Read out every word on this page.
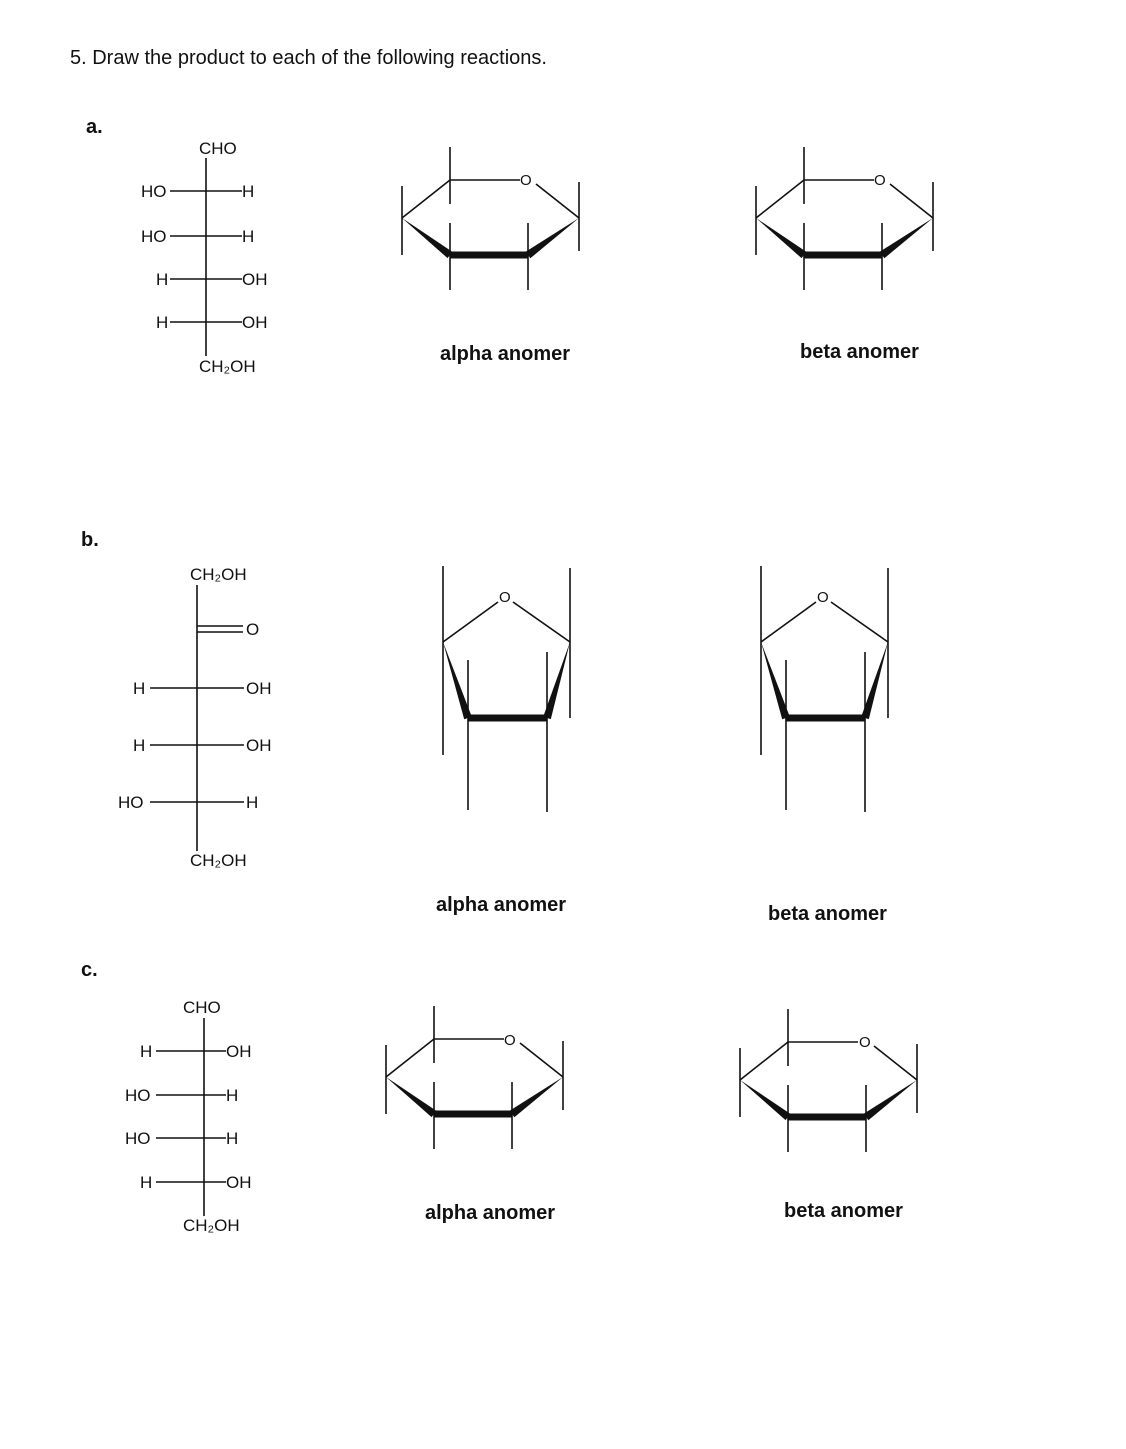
5. Draw the product to each of the following reactions.
a.
CHO
HO	H
HO	H
H	OH
H	OH
CH₂OH
O	O
alpha anomer	beta anomer
b.
CH₂OH
O
H	OH
H	OH
HO	H
CH₂OH
O	O
alpha anomer	beta anomer
c.
CHO
H	OH
HO	H
HO	H
H	OH
CH₂OH
O	O
alpha anomer	beta anomer
